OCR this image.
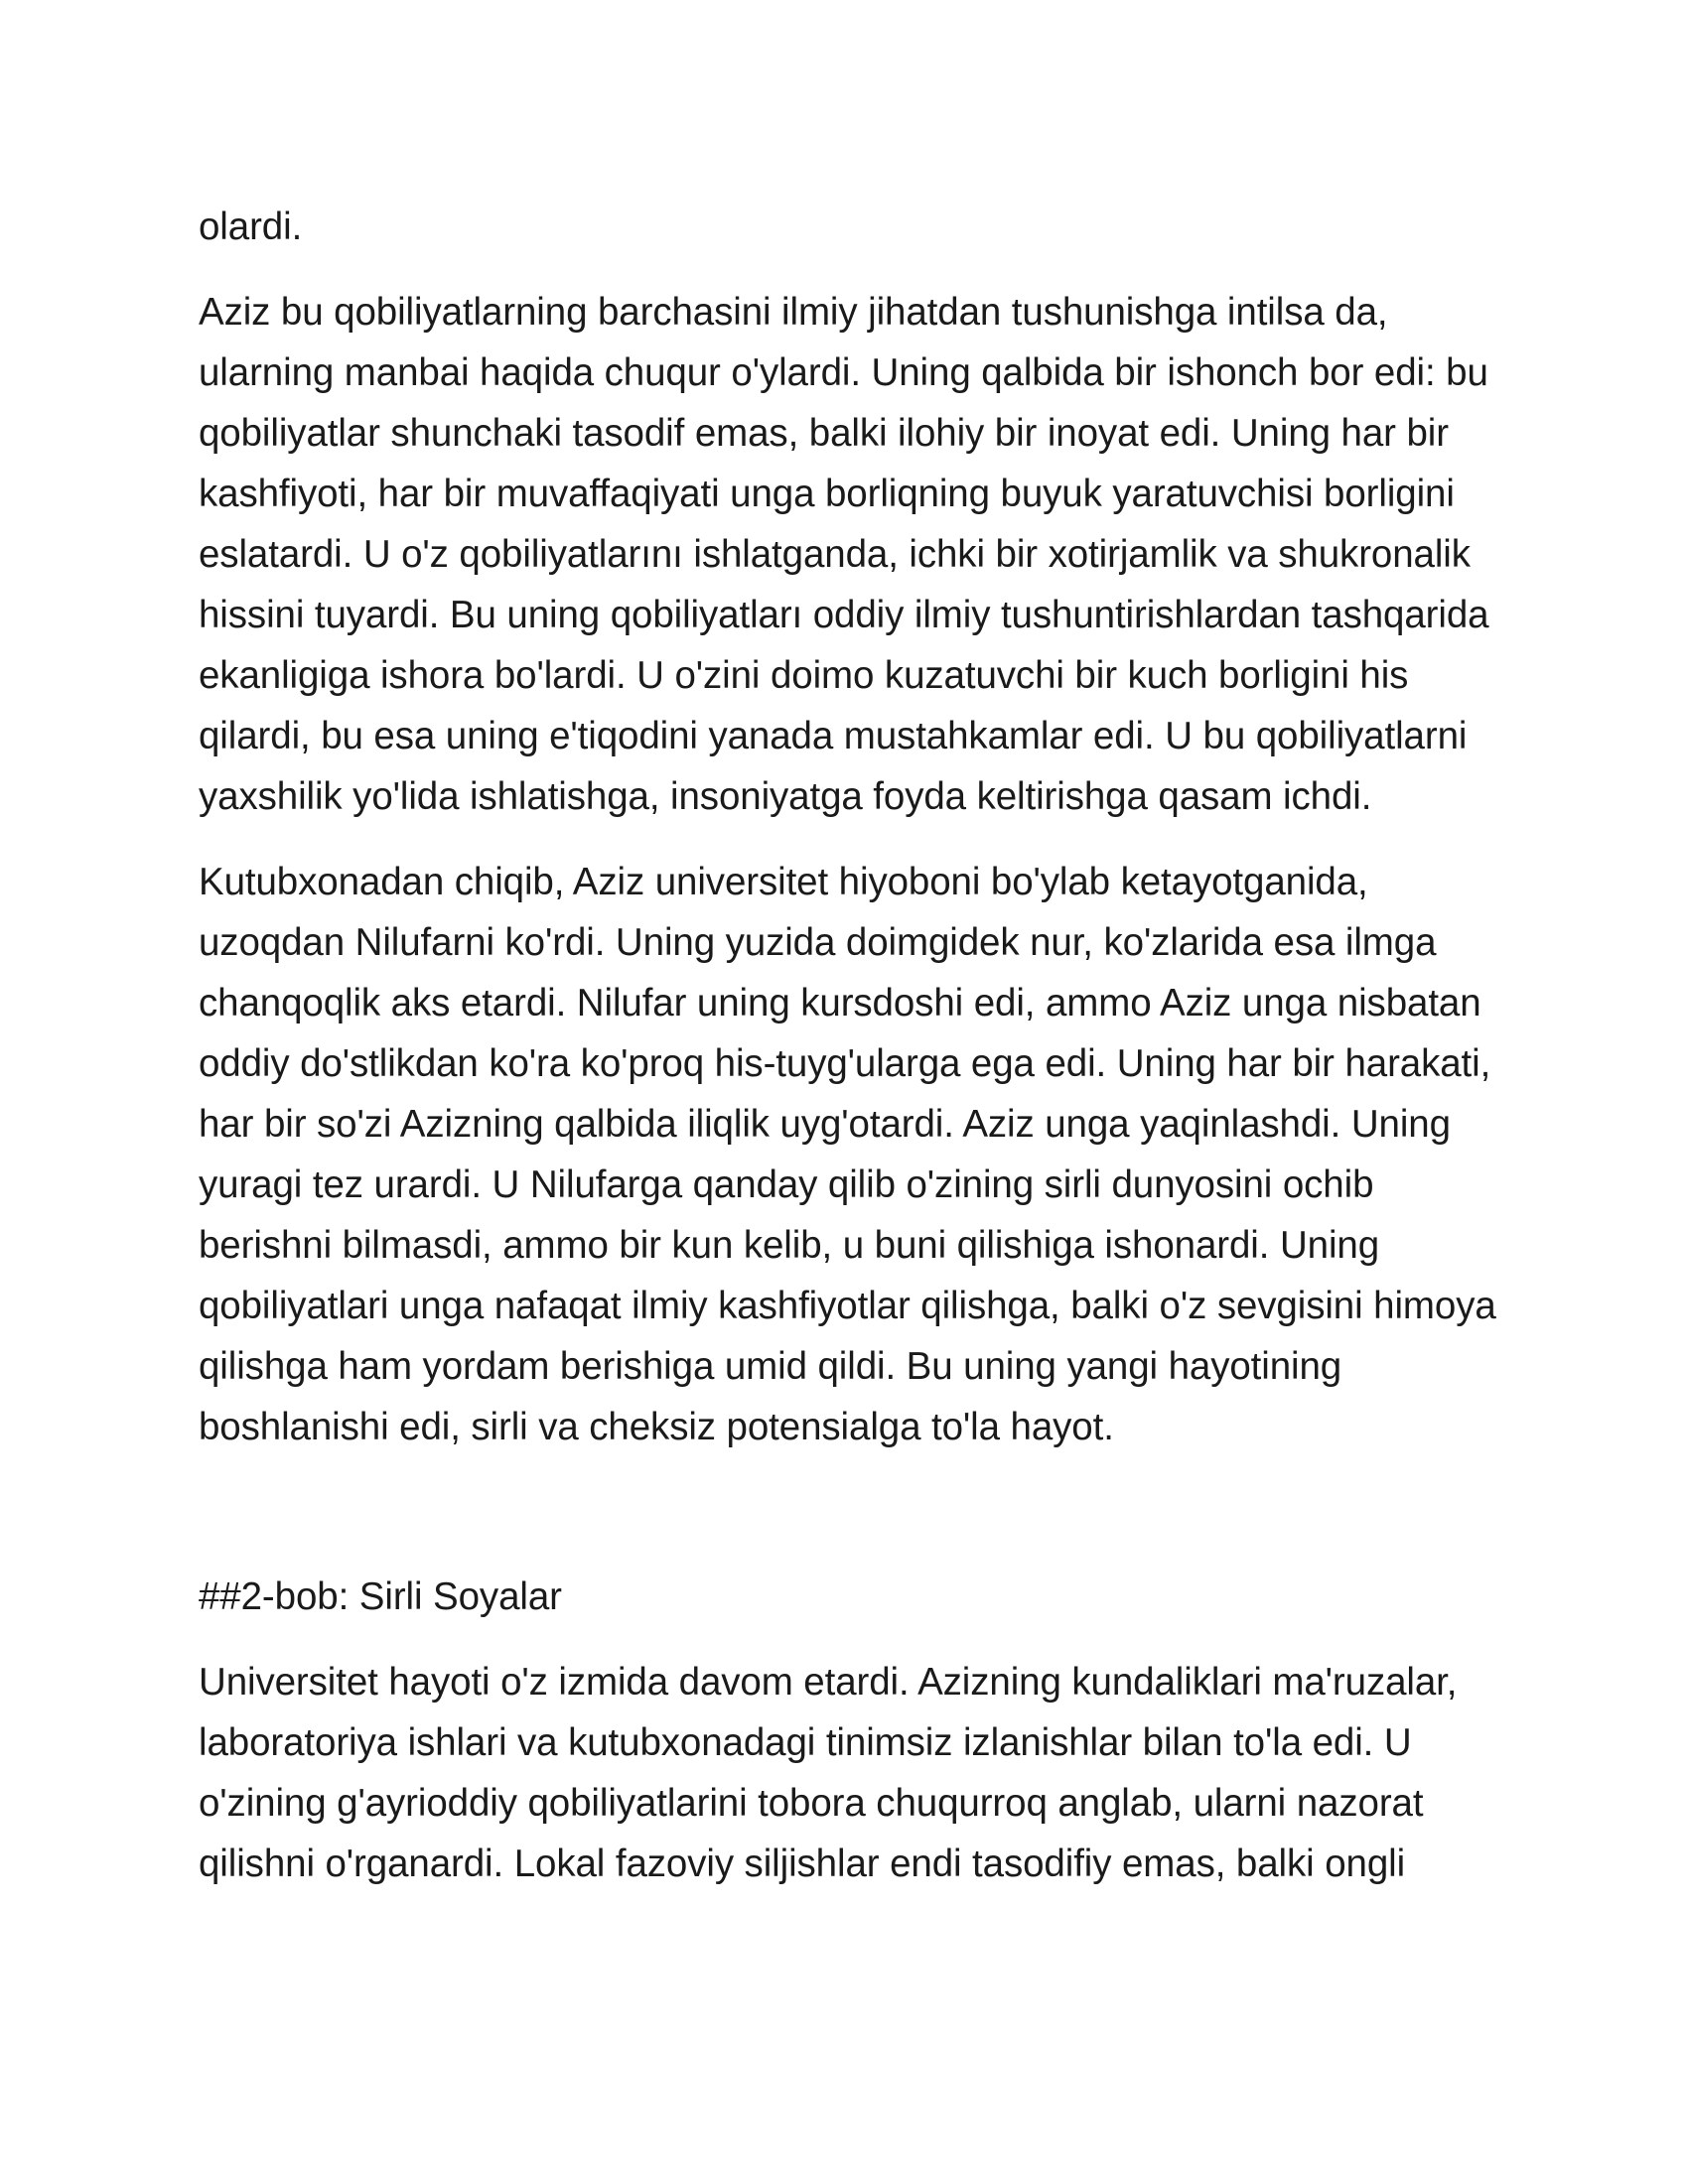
olardi.

Aziz bu qobiliyatlarning barchasini ilmiy jihatdan tushunishga intilsa da, ularning manbai haqida chuqur o'ylardi. Uning qalbida bir ishonch bor edi: bu qobiliyatlar shunchaki tasodif emas, balki ilohiy bir inoyat edi. Uning har bir kashfiyoti, har bir muvaffaqiyati unga borliqning buyuk yaratuvchisi borligini eslatardi. U o'z qobiliyatlarını ishlatganda, ichki bir xotirjamlik va shukronalik hissini tuyardi. Bu uning qobiliyatları oddiy ilmiy tushuntirishlardan tashqarida ekanligiga ishora bo'lardi. U o'zini doimo kuzatuvchi bir kuch borligini his qilardi, bu esa uning e'tiqodini yanada mustahkamlar edi. U bu qobiliyatlarni yaxshilik yo'lida ishlatishga, insoniyatga foyda keltirishga qasam ichdi.

Kutubxonadan chiqib, Aziz universitet hiyoboni bo'ylab ketayotganida, uzoqdan Nilufarni ko'rdi. Uning yuzida doimgidek nur, ko'zlarida esa ilmga chanqoqlik aks etardi. Nilufar uning kursdoshi edi, ammo Aziz unga nisbatan oddiy do'stlikdan ko'ra ko'proq his-tuyg'ularga ega edi. Uning har bir harakati, har bir so'zi Azizning qalbida iliqlik uyg'otardi. Aziz unga yaqinlashdi. Uning yuragi tez urardi. U Nilufarga qanday qilib o'zining sirli dunyosini ochib berishni bilmasdi, ammo bir kun kelib, u buni qilishiga ishonardi. Uning qobiliyatlari unga nafaqat ilmiy kashfiyotlar qilishga, balki o'z sevgisini himoya qilishga ham yordam berishiga umid qildi. Bu uning yangi hayotining boshlanishi edi, sirli va cheksiz potensialga to'la hayot.

##2-bob: Sirli Soyalar

Universitet hayoti o'z izmida davom etardi. Azizning kundaliklari ma'ruzalar, laboratoriya ishlari va kutubxonadagi tinimsiz izlanishlar bilan to'la edi. U o'zining g'ayrioddiy qobiliyatlarini tobora chuqurroq anglab, ularni nazorat qilishni o'rganardi. Lokal fazoviy siljishlar endi tasodifiy emas, balki ongli
